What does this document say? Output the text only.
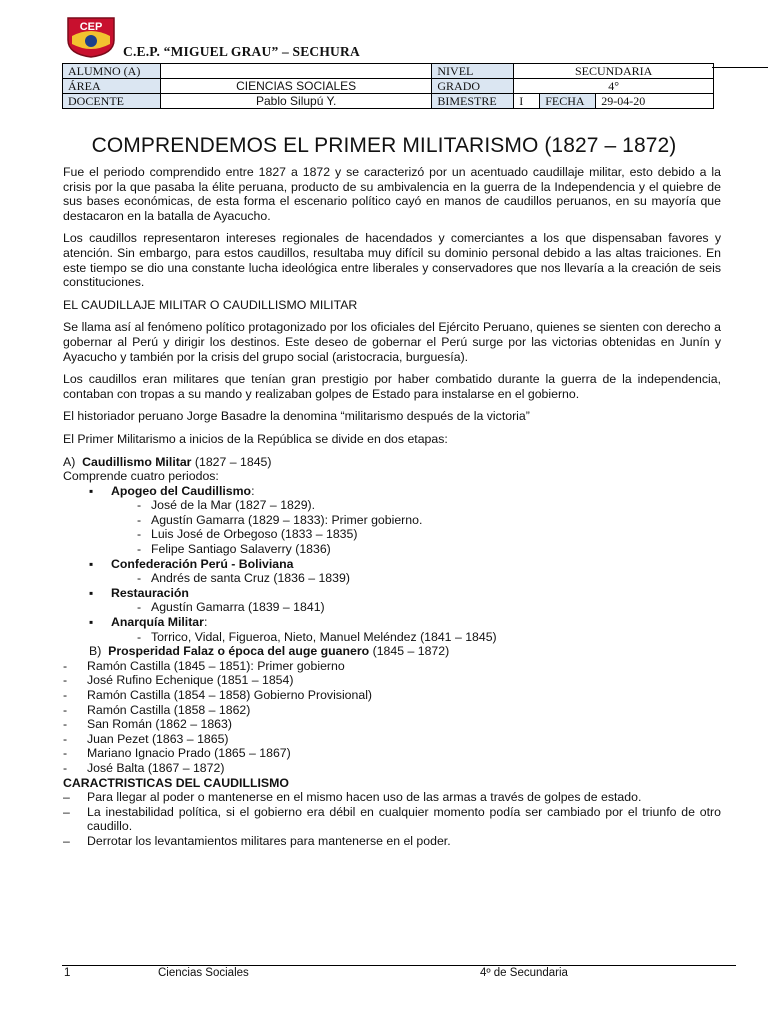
CEP
C.E.P. “MIGUEL GRAU” – SECHURA
ALUMNO (A)		NIVEL	SECUNDARIA		
ÁREA	CIENCIAS SOCIALES	GRADO	4°		
DOCENTE	Pablo Silupú Y.	BIMESTRE	I	FECHA	29-04-20
COMPRENDEMOS EL PRIMER MILITARISMO (1827 – 1872)

Fue el periodo comprendido entre 1827 a 1872 y se caracterizó por un acentuado caudillaje militar, esto debido a la crisis por la que pasaba la élite peruana, producto de su ambivalencia en la guerra de la Independencia y el quiebre de sus bases económicas, de esta forma el escenario político cayó en manos de caudillos peruanos, en su mayoría que destacaron en la batalla de Ayacucho.

Los caudillos representaron intereses regionales de hacendados y comerciantes a los que dispensaban favores y atención. Sin embargo, para estos caudillos, resultaba muy difícil su dominio personal debido a las altas traiciones. En este tiempo se dio una constante lucha ideológica entre liberales y conservadores que nos llevaría a la creación de seis constituciones.

EL CAUDILLAJE MILITAR O CAUDILLISMO MILITAR

Se llama así al fenómeno político protagonizado por los oficiales del Ejército Peruano, quienes se sienten con derecho a gobernar al Perú y dirigir los destinos. Este deseo de gobernar el Perú surge por las victorias obtenidas en Junín y Ayacucho y también por la crisis del grupo social (aristocracia, burguesía).

Los caudillos eran militares que tenían gran prestigio por haber combatido durante la guerra de la independencia, contaban con tropas a su mando y realizaban golpes de Estado para instalarse en el gobierno.

El historiador peruano Jorge Basadre la denomina “militarismo después de la victoria”

El Primer Militarismo a inicios de la República se divide en dos etapas:

A) Caudillismo Militar (1827 – 1845)
Comprende cuatro periodos:
▪ Apogeo del Caudillismo:
- José de la Mar (1827 – 1829).
- Agustín Gamarra (1829 – 1833): Primer gobierno.
- Luis José de Orbegoso (1833 – 1835)
- Felipe Santiago Salaverry (1836)
▪ Confederación Perú - Boliviana
- Andrés de santa Cruz (1836 – 1839)
▪ Restauración
- Agustín Gamarra (1839 – 1841)
▪ Anarquía Militar:
- Torrico, Vidal, Figueroa, Nieto, Manuel Meléndez (1841 – 1845)
B) Prosperidad Falaz o época del auge guanero (1845 – 1872)
- Ramón Castilla (1845 – 1851): Primer gobierno
- José Rufino Echenique (1851 – 1854)
- Ramón Castilla (1854 – 1858) Gobierno Provisional)
- Ramón Castilla (1858 – 1862)
- San Román (1862 – 1863)
- Juan Pezet (1863 – 1865)
- Mariano Ignacio Prado (1865 – 1867)
- José Balta (1867 – 1872)
CARACTRISTICAS DEL CAUDILLISMO
– Para llegar al poder o mantenerse en el mismo hacen uso de las armas a través de golpes de estado.
– La inestabilidad política, si el gobierno era débil en cualquier momento podía ser cambiado por el triunfo de otro caudillo.
– Derrotar los levantamientos militares para mantenerse en el poder.
1	Ciencias Sociales	4º de Secundaria
